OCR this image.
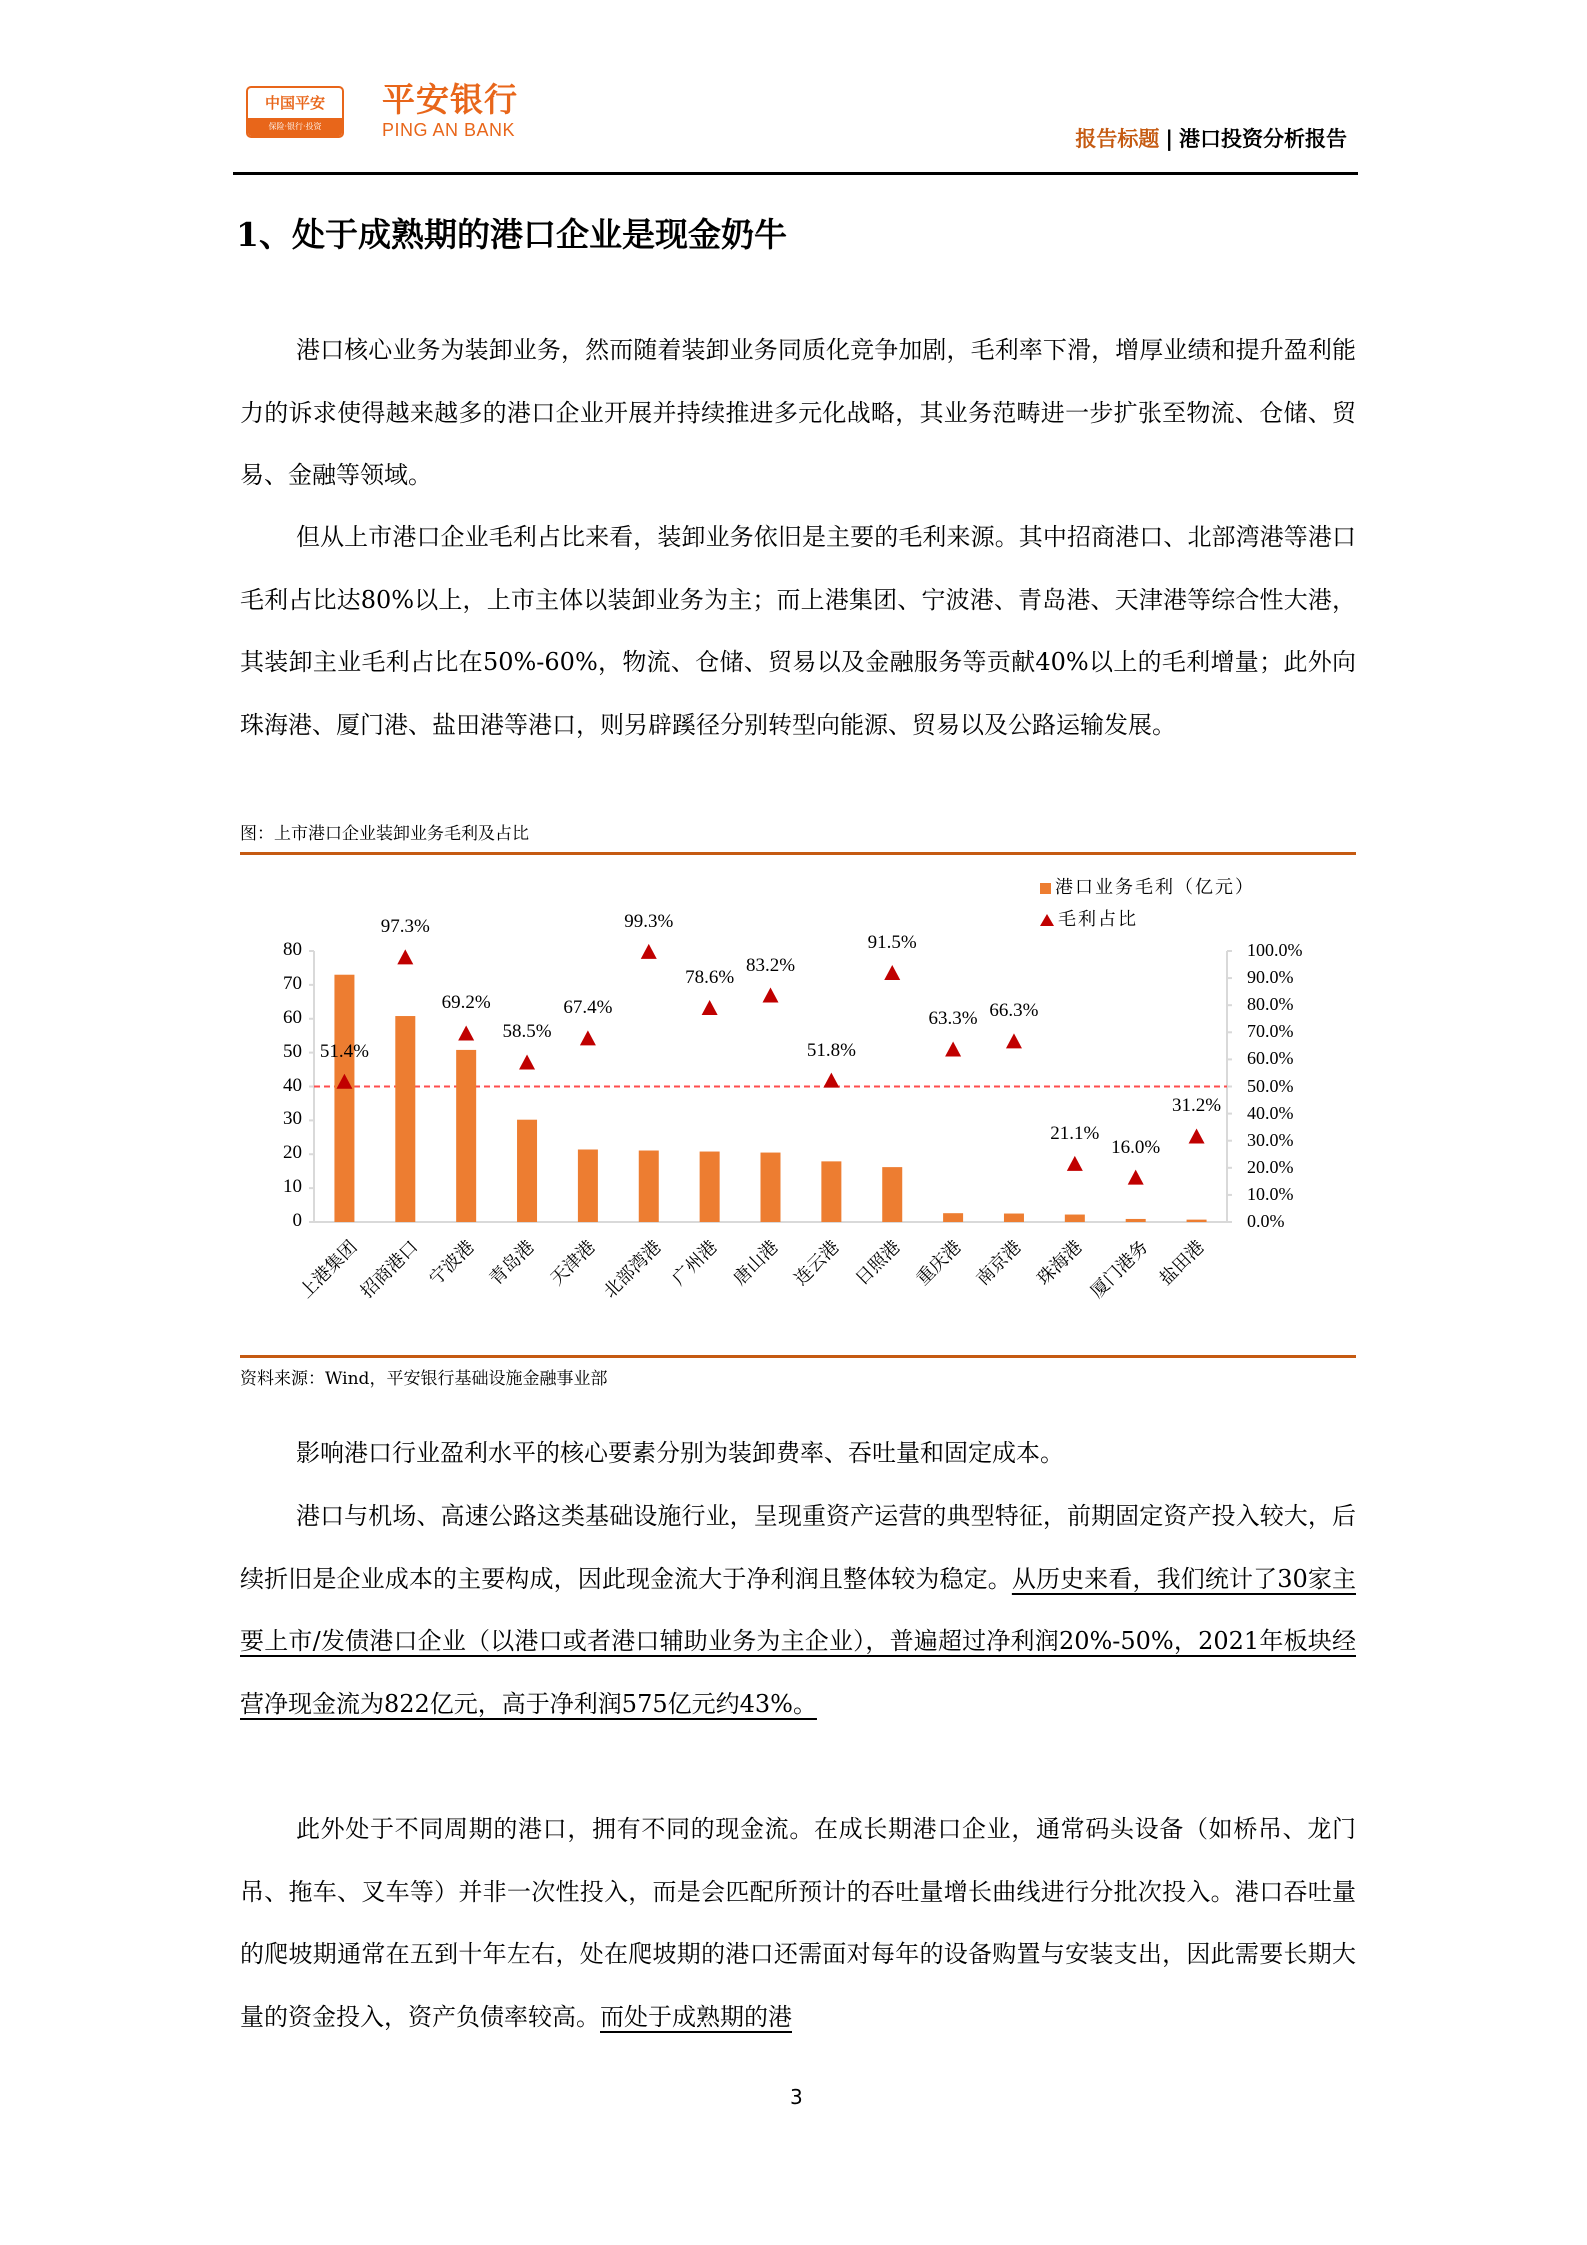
中国平安
保险·银行·投资
平安银行
PING AN BANK	报告标题 | 港口投资分析报告
1、处于成熟期的港口企业是现金奶牛

港口核心业务为装卸业务，然而随着装卸业务同质化竞争加剧，毛利率下滑，增厚业绩和提升盈利能力的诉求使得越来越多的港口企业开展并持续推进多元化战略，其业务范畴进一步扩张至物流、仓储、贸易、金融等领域。

但从上市港口企业毛利占比来看，装卸业务依旧是主要的毛利来源。其中招商港口、北部湾港等港口毛利占比达80%以上，上市主体以装卸业务为主；而上港集团、宁波港、青岛港、天津港等综合性大港，其装卸主业毛利占比在50%-60%，物流、仓储、贸易以及金融服务等贡献40%以上的毛利增量；此外向珠海港、厦门港、盐田港等港口，则另辟蹊径分别转型向能源、贸易以及公路运输发展。

图：上市港口企业装卸业务毛利及占比
0
10
20
30
40
50
60
70
80
0.0%
10.0%
20.0%
30.0%
40.0%
50.0%
60.0%
70.0%
80.0%
90.0%
100.0%
上港集团
招商港口 宁波港 青岛港 天津港 北部湾港 广州港 唐山港 连云港 日照港 重庆港 南京港 珠海港 厦门港务 盐田港
51.4%
97.3%
69.2%
58.5%
67.4%
99.3%
78.6%
83.2%
51.8%
91.5%
63.3% 66.3%
21.1%
16.0%
31.2%
港口业务毛利（亿元）
毛利占比
资料来源：Wind，平安银行基础设施金融事业部

影响港口行业盈利水平的核心要素分别为装卸费率、吞吐量和固定成本。

港口与机场、高速公路这类基础设施行业，呈现重资产运营的典型特征，前期固定资产投入较大，后续折旧是企业成本的主要构成，因此现金流大于净利润且整体较为稳定。从历史来看，我们统计了30家主要上市/发债港口企业（以港口或者港口辅助业务为主企业），普遍超过净利润20%-50%，2021年板块经营净现金流为822亿元，高于净利润575亿元约43%。

此外处于不同周期的港口，拥有不同的现金流。在成长期港口企业，通常码头设备（如桥吊、龙门吊、拖车、叉车等）并非一次性投入，而是会匹配所预计的吞吐量增长曲线进行分批次投入。港口吞吐量的爬坡期通常在五到十年左右，处在爬坡期的港口还需面对每年的设备购置与安装支出，因此需要长期大量的资金投入，资产负债率较高。而处于成熟期的港

3
